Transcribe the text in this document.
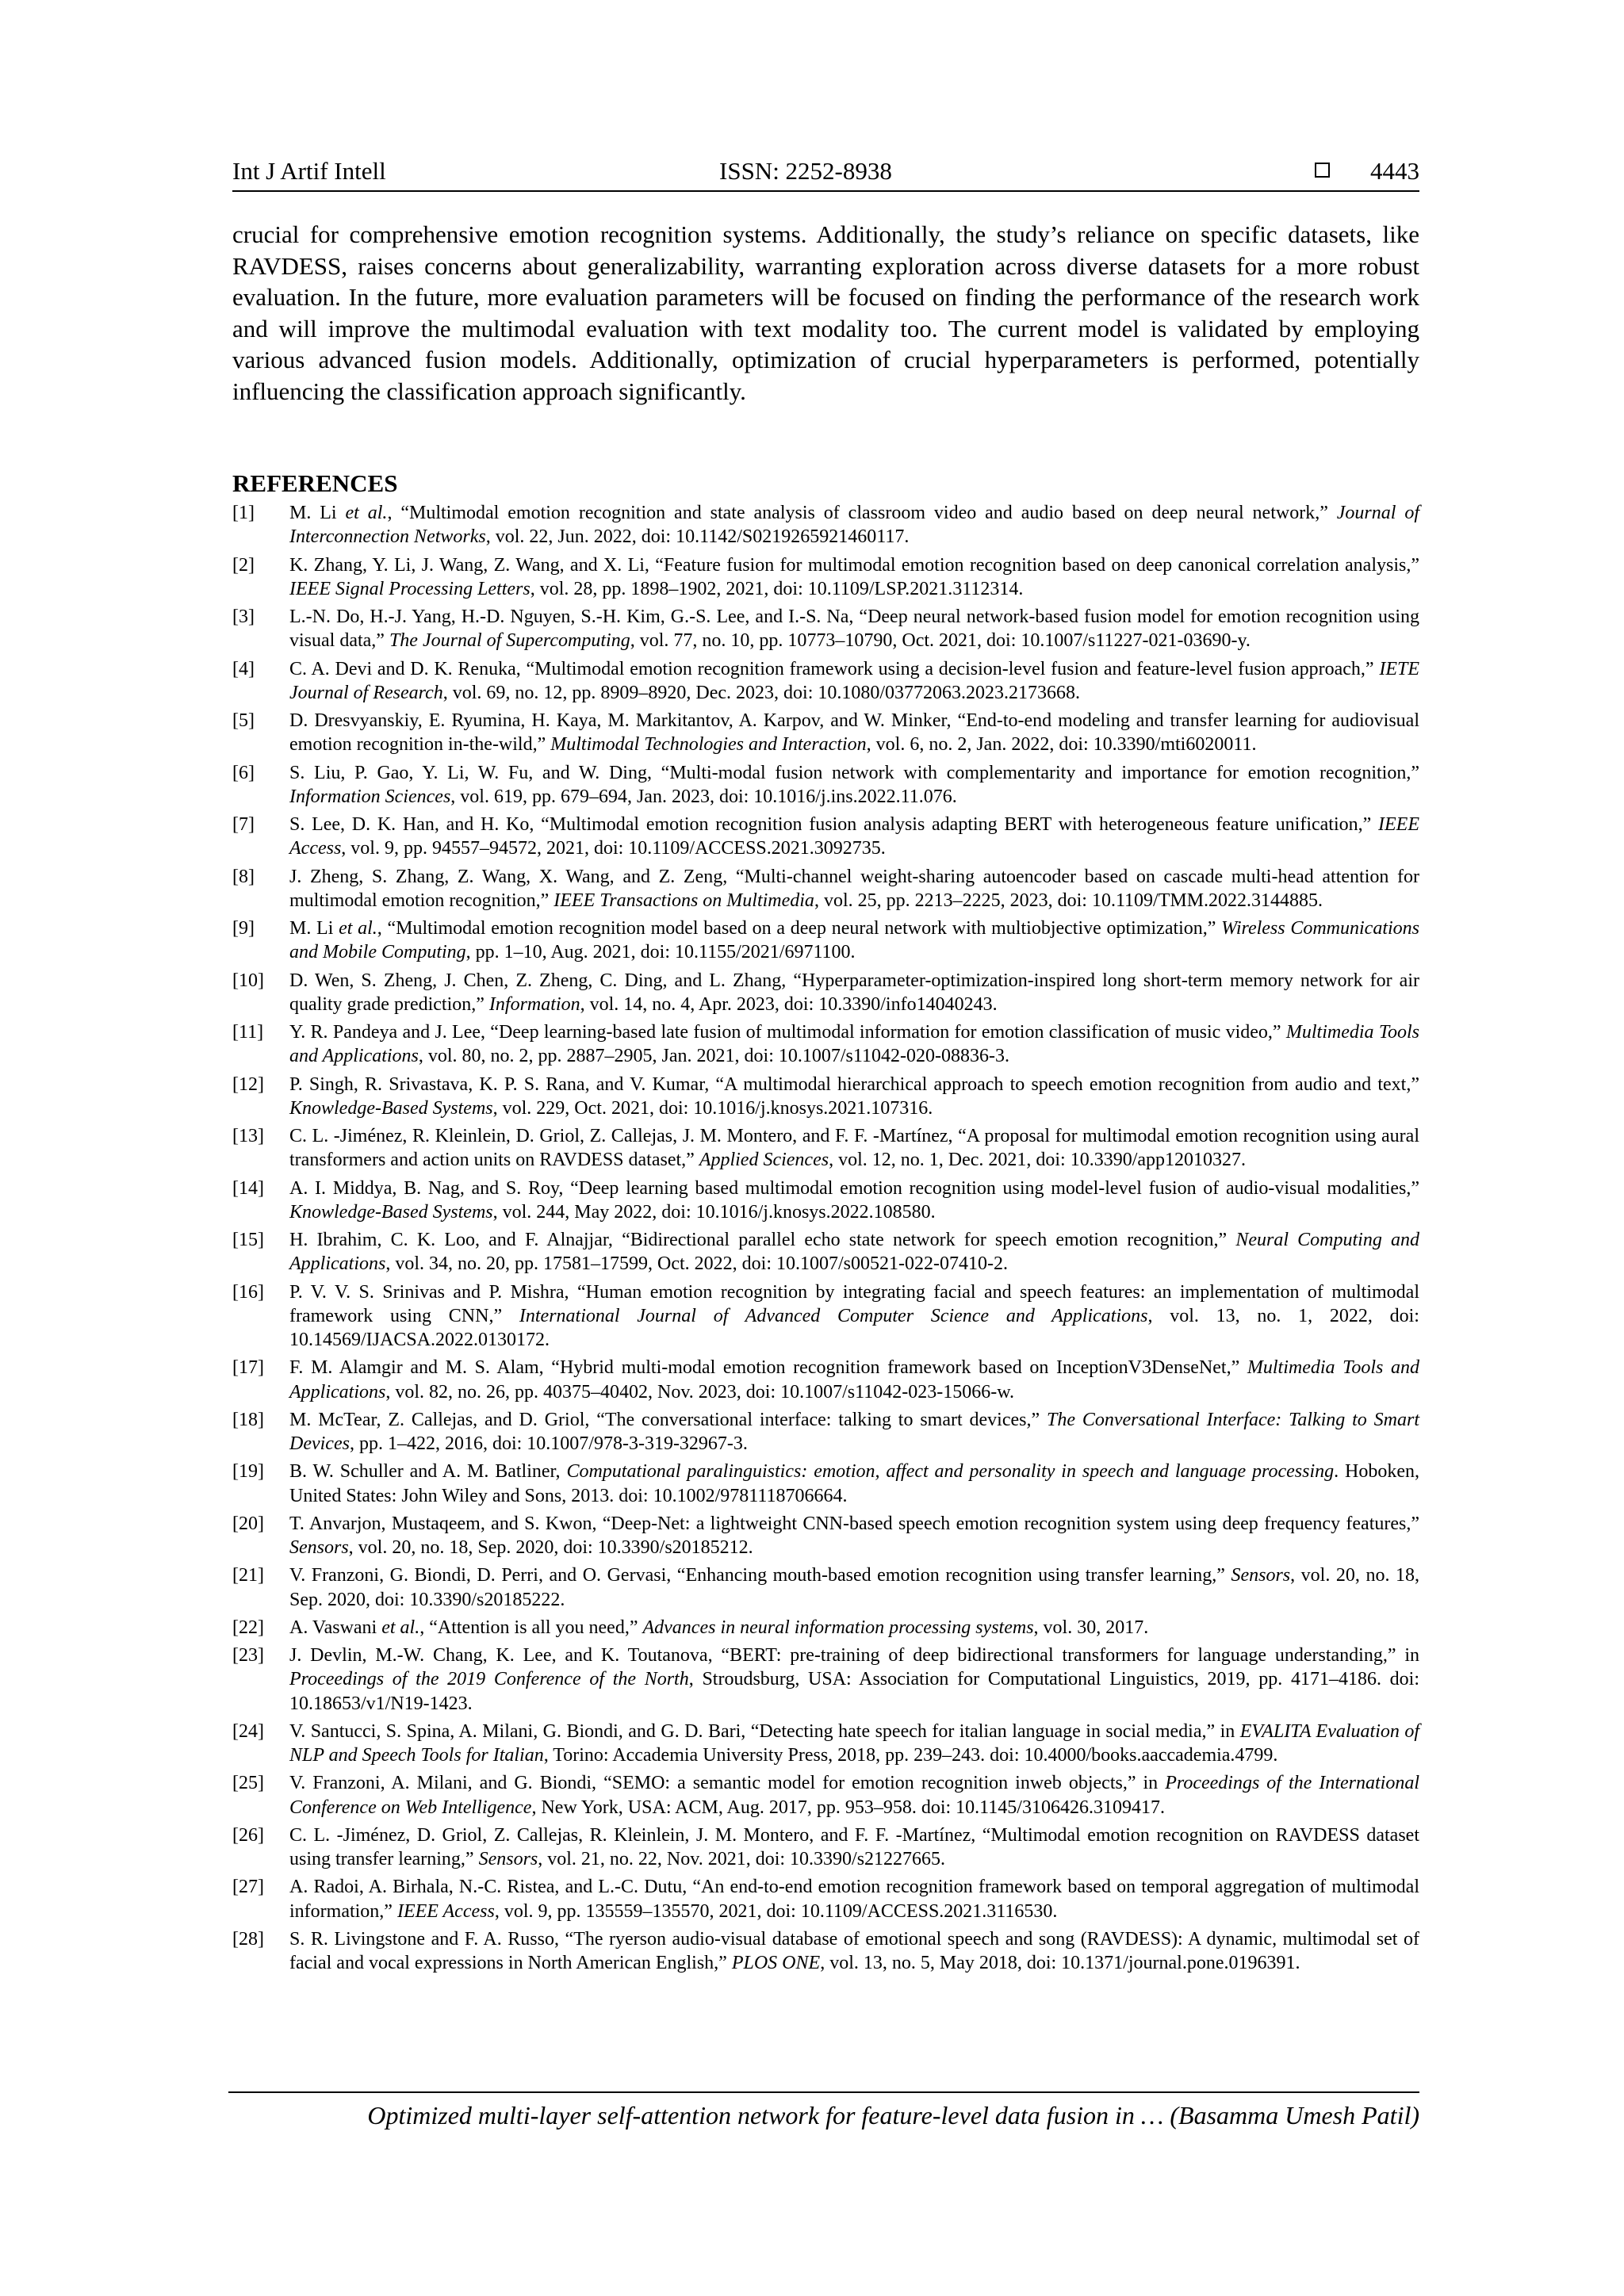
Int J Artif Intell	ISSN: 2252-8938	4443

crucial for comprehensive emotion recognition systems. Additionally, the study’s reliance on specific datasets, like RAVDESS, raises concerns about generalizability, warranting exploration across diverse datasets for a more robust evaluation. In the future, more evaluation parameters will be focused on finding the performance of the research work and will improve the multimodal evaluation with text modality too. The current model is validated by employing various advanced fusion models. Additionally, optimization of crucial hyperparameters is performed, potentially influencing the classification approach significantly.

REFERENCES

[1] M. Li et al., “Multimodal emotion recognition and state analysis of classroom video and audio based on deep neural network,” Journal of Interconnection Networks, vol. 22, Jun. 2022, doi: 10.1142/S0219265921460117.

[2] K. Zhang, Y. Li, J. Wang, Z. Wang, and X. Li, “Feature fusion for multimodal emotion recognition based on deep canonical correlation analysis,” IEEE Signal Processing Letters, vol. 28, pp. 1898–1902, 2021, doi: 10.1109/LSP.2021.3112314.

[3] L.-N. Do, H.-J. Yang, H.-D. Nguyen, S.-H. Kim, G.-S. Lee, and I.-S. Na, “Deep neural network-based fusion model for emotion recognition using visual data,” The Journal of Supercomputing, vol. 77, no. 10, pp. 10773–10790, Oct. 2021, doi: 10.1007/s11227-021-03690-y.

[4] C. A. Devi and D. K. Renuka, “Multimodal emotion recognition framework using a decision-level fusion and feature-level fusion approach,” IETE Journal of Research, vol. 69, no. 12, pp. 8909–8920, Dec. 2023, doi: 10.1080/03772063.2023.2173668.

[5] D. Dresvyanskiy, E. Ryumina, H. Kaya, M. Markitantov, A. Karpov, and W. Minker, “End-to-end modeling and transfer learning for audiovisual emotion recognition in-the-wild,” Multimodal Technologies and Interaction, vol. 6, no. 2, Jan. 2022, doi: 10.3390/mti6020011.

[6] S. Liu, P. Gao, Y. Li, W. Fu, and W. Ding, “Multi-modal fusion network with complementarity and importance for emotion recognition,” Information Sciences, vol. 619, pp. 679–694, Jan. 2023, doi: 10.1016/j.ins.2022.11.076.

[7] S. Lee, D. K. Han, and H. Ko, “Multimodal emotion recognition fusion analysis adapting BERT with heterogeneous feature unification,” IEEE Access, vol. 9, pp. 94557–94572, 2021, doi: 10.1109/ACCESS.2021.3092735.

[8] J. Zheng, S. Zhang, Z. Wang, X. Wang, and Z. Zeng, “Multi-channel weight-sharing autoencoder based on cascade multi-head attention for multimodal emotion recognition,” IEEE Transactions on Multimedia, vol. 25, pp. 2213–2225, 2023, doi: 10.1109/TMM.2022.3144885.

[9] M. Li et al., “Multimodal emotion recognition model based on a deep neural network with multiobjective optimization,” Wireless Communications and Mobile Computing, pp. 1–10, Aug. 2021, doi: 10.1155/2021/6971100.

[10] D. Wen, S. Zheng, J. Chen, Z. Zheng, C. Ding, and L. Zhang, “Hyperparameter-optimization-inspired long short-term memory network for air quality grade prediction,” Information, vol. 14, no. 4, Apr. 2023, doi: 10.3390/info14040243.

[11] Y. R. Pandeya and J. Lee, “Deep learning-based late fusion of multimodal information for emotion classification of music video,” Multimedia Tools and Applications, vol. 80, no. 2, pp. 2887–2905, Jan. 2021, doi: 10.1007/s11042-020-08836-3.

[12] P. Singh, R. Srivastava, K. P. S. Rana, and V. Kumar, “A multimodal hierarchical approach to speech emotion recognition from audio and text,” Knowledge-Based Systems, vol. 229, Oct. 2021, doi: 10.1016/j.knosys.2021.107316.

[13] C. L. -Jiménez, R. Kleinlein, D. Griol, Z. Callejas, J. M. Montero, and F. F. -Martínez, “A proposal for multimodal emotion recognition using aural transformers and action units on RAVDESS dataset,” Applied Sciences, vol. 12, no. 1, Dec. 2021, doi: 10.3390/app12010327.

[14] A. I. Middya, B. Nag, and S. Roy, “Deep learning based multimodal emotion recognition using model-level fusion of audio-visual modalities,” Knowledge-Based Systems, vol. 244, May 2022, doi: 10.1016/j.knosys.2022.108580.

[15] H. Ibrahim, C. K. Loo, and F. Alnajjar, “Bidirectional parallel echo state network for speech emotion recognition,” Neural Computing and Applications, vol. 34, no. 20, pp. 17581–17599, Oct. 2022, doi: 10.1007/s00521-022-07410-2.

[16] P. V. V. S. Srinivas and P. Mishra, “Human emotion recognition by integrating facial and speech features: an implementation of multimodal framework using CNN,” International Journal of Advanced Computer Science and Applications, vol. 13, no. 1, 2022, doi: 10.14569/IJACSA.2022.0130172.

[17] F. M. Alamgir and M. S. Alam, “Hybrid multi-modal emotion recognition framework based on InceptionV3DenseNet,” Multimedia Tools and Applications, vol. 82, no. 26, pp. 40375–40402, Nov. 2023, doi: 10.1007/s11042-023-15066-w.

[18] M. McTear, Z. Callejas, and D. Griol, “The conversational interface: talking to smart devices,” The Conversational Interface: Talking to Smart Devices, pp. 1–422, 2016, doi: 10.1007/978-3-319-32967-3.

[19] B. W. Schuller and A. M. Batliner, Computational paralinguistics: emotion, affect and personality in speech and language processing. Hoboken, United States: John Wiley and Sons, 2013. doi: 10.1002/9781118706664.

[20] T. Anvarjon, Mustaqeem, and S. Kwon, “Deep-Net: a lightweight CNN-based speech emotion recognition system using deep frequency features,” Sensors, vol. 20, no. 18, Sep. 2020, doi: 10.3390/s20185212.

[21] V. Franzoni, G. Biondi, D. Perri, and O. Gervasi, “Enhancing mouth-based emotion recognition using transfer learning,” Sensors, vol. 20, no. 18, Sep. 2020, doi: 10.3390/s20185222.

[22] A. Vaswani et al., “Attention is all you need,” Advances in neural information processing systems, vol. 30, 2017.

[23] J. Devlin, M.-W. Chang, K. Lee, and K. Toutanova, “BERT: pre-training of deep bidirectional transformers for language understanding,” in Proceedings of the 2019 Conference of the North, Stroudsburg, USA: Association for Computational Linguistics, 2019, pp. 4171–4186. doi: 10.18653/v1/N19-1423.

[24] V. Santucci, S. Spina, A. Milani, G. Biondi, and G. D. Bari, “Detecting hate speech for italian language in social media,” in EVALITA Evaluation of NLP and Speech Tools for Italian, Torino: Accademia University Press, 2018, pp. 239–243. doi: 10.4000/books.aaccademia.4799.

[25] V. Franzoni, A. Milani, and G. Biondi, “SEMO: a semantic model for emotion recognition inweb objects,” in Proceedings of the International Conference on Web Intelligence, New York, USA: ACM, Aug. 2017, pp. 953–958. doi: 10.1145/3106426.3109417.

[26] C. L. -Jiménez, D. Griol, Z. Callejas, R. Kleinlein, J. M. Montero, and F. F. -Martínez, “Multimodal emotion recognition on RAVDESS dataset using transfer learning,” Sensors, vol. 21, no. 22, Nov. 2021, doi: 10.3390/s21227665.

[27] A. Radoi, A. Birhala, N.-C. Ristea, and L.-C. Dutu, “An end-to-end emotion recognition framework based on temporal aggregation of multimodal information,” IEEE Access, vol. 9, pp. 135559–135570, 2021, doi: 10.1109/ACCESS.2021.3116530.

[28] S. R. Livingstone and F. A. Russo, “The ryerson audio-visual database of emotional speech and song (RAVDESS): A dynamic, multimodal set of facial and vocal expressions in North American English,” PLOS ONE, vol. 13, no. 5, May 2018, doi: 10.1371/journal.pone.0196391.

Optimized multi-layer self-attention network for feature-level data fusion in … (Basamma Umesh Patil)
